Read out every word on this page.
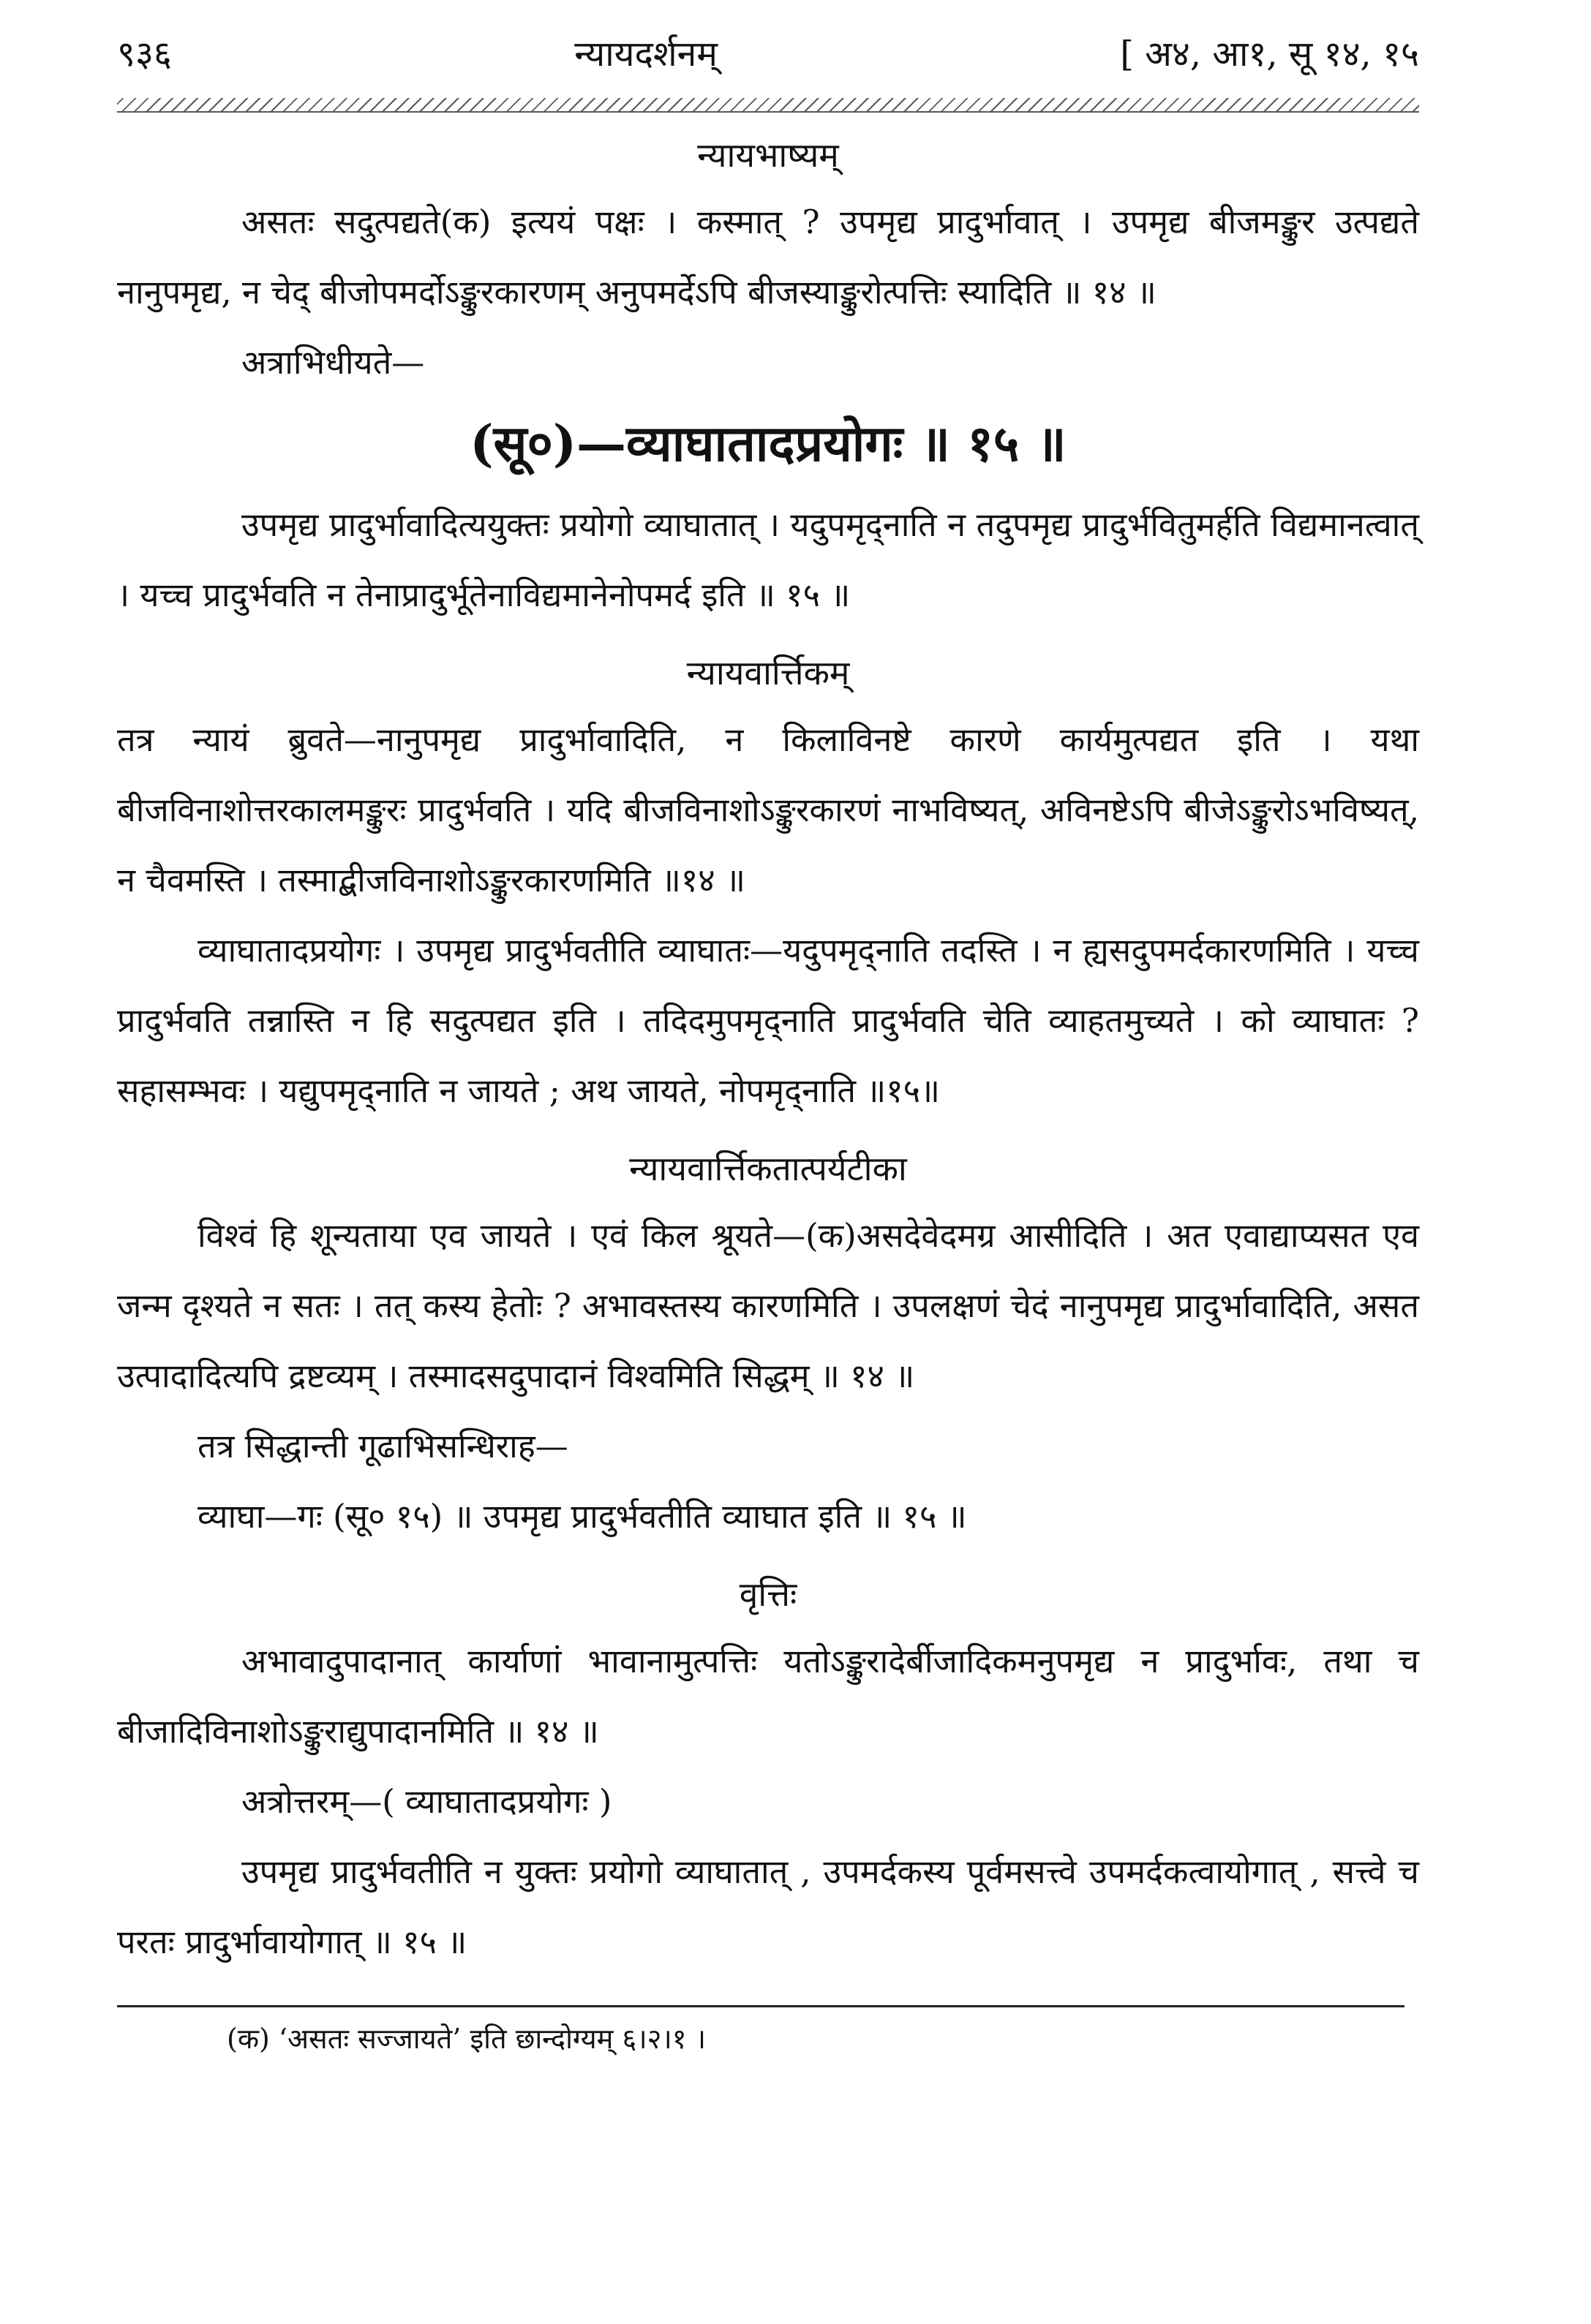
९३६	न्यायदर्शनम्	[ अ४, आ१, सू १४, १५
न्यायभाष्यम्
असतः सदुत्पद्यते(क) इत्ययं पक्षः । कस्मात् ? उपमृद्य प्रादुर्भावात् । उपमृद्य बीजमङ्कुर उत्पद्यते नानुपमृद्य, न चेद् बीजोपमर्दोऽङ्कुरकारणम् अनुपमर्देऽपि बीजस्याङ्कुरोत्पत्तिः स्यादिति ॥ १४ ॥
अत्राभिधीयते—
(सू०)—व्याघातादप्रयोगः ॥ १५ ॥
उपमृद्य प्रादुर्भावादित्ययुक्तः प्रयोगो व्याघातात् । यदुपमृद्नाति न तदुपमृद्य प्रादुर्भवितुमर्हति विद्यमानत्वात् । यच्च प्रादुर्भवति न तेनाप्रादुर्भूतेनाविद्यमानेनोपमर्द इति ॥ १५ ॥
न्यायवार्त्तिकम्
तत्र न्यायं ब्रुवते—नानुपमृद्य प्रादुर्भावादिति, न किलाविनष्टे कारणे कार्यमुत्पद्यत इति । यथा बीजविनाशोत्तरकालमङ्कुरः प्रादुर्भवति । यदि बीजविनाशोऽङ्कुरकारणं नाभविष्यत्, अविनष्टेऽपि बीजेऽङ्कुरोऽभविष्यत्, न चैवमस्ति । तस्माद्बीजविनाशोऽङ्कुरकारणमिति ॥१४ ॥
व्याघातादप्रयोगः । उपमृद्य प्रादुर्भवतीति व्याघातः—यदुपमृद्नाति तदस्ति । न ह्यसदुपमर्दकारणमिति । यच्च प्रादुर्भवति तन्नास्ति न हि सदुत्पद्यत इति । तदिदमुपमृद्नाति प्रादुर्भवति चेति व्याहतमुच्यते । को व्याघातः ? सहासम्भवः । यद्युपमृद्नाति न जायते ; अथ जायते, नोपमृद्नाति ॥१५॥
न्यायवार्त्तिकतात्पर्यटीका
विश्वं हि शून्यताया एव जायते । एवं किल श्रूयते—(क)असदेवेदमग्र आसीदिति । अत एवाद्याप्यसत एव जन्म दृश्यते न सतः । तत् कस्य हेतोः ? अभावस्तस्य कारणमिति । उपलक्षणं चेदं नानुपमृद्य प्रादुर्भावादिति, असत उत्पादादित्यपि द्रष्टव्यम् । तस्मादसदुपादानं विश्वमिति सिद्धम् ॥ १४ ॥
तत्र सिद्धान्ती गूढाभिसन्धिराह—
व्याघा—गः (सू० १५) ॥ उपमृद्य प्रादुर्भवतीति व्याघात इति ॥ १५ ॥
वृत्तिः
अभावादुपादानात् कार्याणां भावानामुत्पत्तिः यतोऽङ्कुरादेर्बीजादिकमनुपमृद्य न प्रादुर्भावः, तथा च बीजादिविनाशोऽङ्कुराद्युपादानमिति ॥ १४ ॥
अत्रोत्तरम्—( व्याघातादप्रयोगः )
उपमृद्य प्रादुर्भवतीति न युक्तः प्रयोगो व्याघातात् , उपमर्दकस्य पूर्वमसत्त्वे उपमर्दकत्वायोगात् , सत्त्वे च परतः प्रादुर्भावायोगात् ॥ १५ ॥
(क) ‘असतः सज्जायते’ इति छान्दोग्यम् ६।२।१ ।
